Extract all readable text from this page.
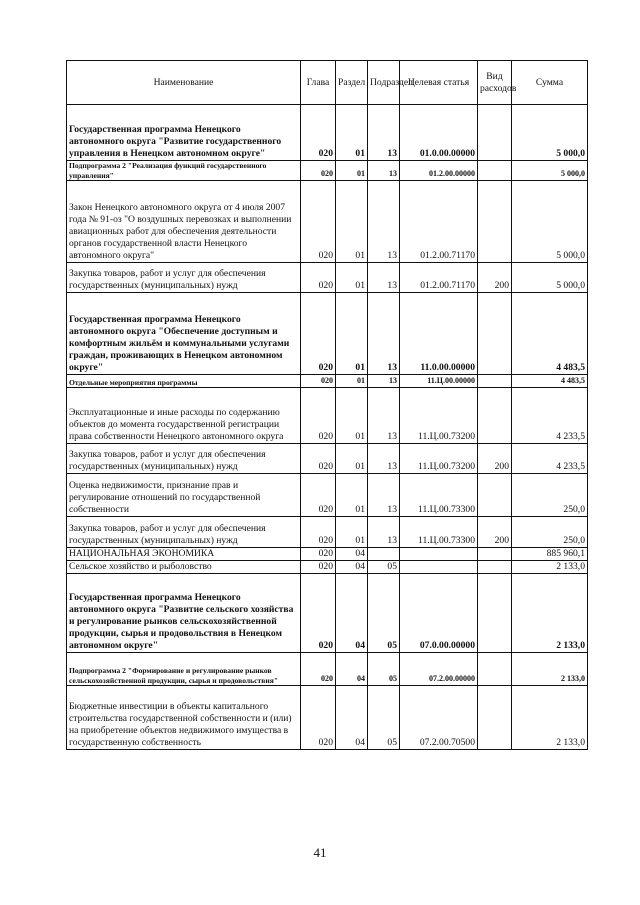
Наименование	Глава	Раздел	Подраздел	Целевая статья	Вид расходов	Сумма
Государственная программа Ненецкого автономного округа "Развитие государственного управления в Ненецком автономном округе"	020	01	13	01.0.00.00000		5 000,0
Подпрограмма 2 "Реализация функций государственного управления"	020	01	13	01.2.00.00000		5 000,0
Закон Ненецкого автономного округа от 4 июля 2007 года № 91-оз "О воздушных перевозках и выполнении авиационных работ для обеспечения деятельности органов государственной власти Ненецкого автономного округа"	020	01	13	01.2.00.71170		5 000,0
Закупка товаров, работ и услуг для обеспечения государственных (муниципальных) нужд	020	01	13	01.2.00.71170	200	5 000,0
Государственная программа Ненецкого автономного округа "Обеспечение доступным и комфортным жильём и коммунальными услугами граждан, проживающих в Ненецком автономном округе"	020	01	13	11.0.00.00000		4 483,5
Отдельные мероприятия программы	020	01	13	11.Ц.00.00000		4 483,5
Эксплуатационные и иные расходы по содержанию объектов до момента государственной регистрации права собственности Ненецкого автономного округа	020	01	13	11.Ц.00.73200		4 233,5
Закупка товаров, работ и услуг для обеспечения государственных (муниципальных) нужд	020	01	13	11.Ц.00.73200	200	4 233,5
Оценка недвижимости, признание прав и регулирование отношений по государственной собственности	020	01	13	11.Ц.00.73300		250,0
Закупка товаров, работ и услуг для обеспечения государственных (муниципальных) нужд	020	01	13	11.Ц.00.73300	200	250,0
НАЦИОНАЛЬНАЯ ЭКОНОМИКА	020	04				885 960,1
Сельское хозяйство и рыболовство	020	04	05			2 133,0
Государственная программа Ненецкого автономного округа "Развитие сельского хозяйства и регулирование рынков сельскохозяйственной продукции, сырья и продовольствия в Ненецком автономном округе"	020	04	05	07.0.00.00000		2 133,0
Подпрограмма 2 "Формирование и регулирование рынков сельскохозяйственной продукции, сырья и продовольствия"	020	04	05	07.2.00.00000		2 133,0
Бюджетные инвестиции в объекты капитального строительства государственной собственности и (или) на приобретение объектов недвижимого имущества в государственную собственность	020	04	05	07.2.00.70500		2 133,0
41
